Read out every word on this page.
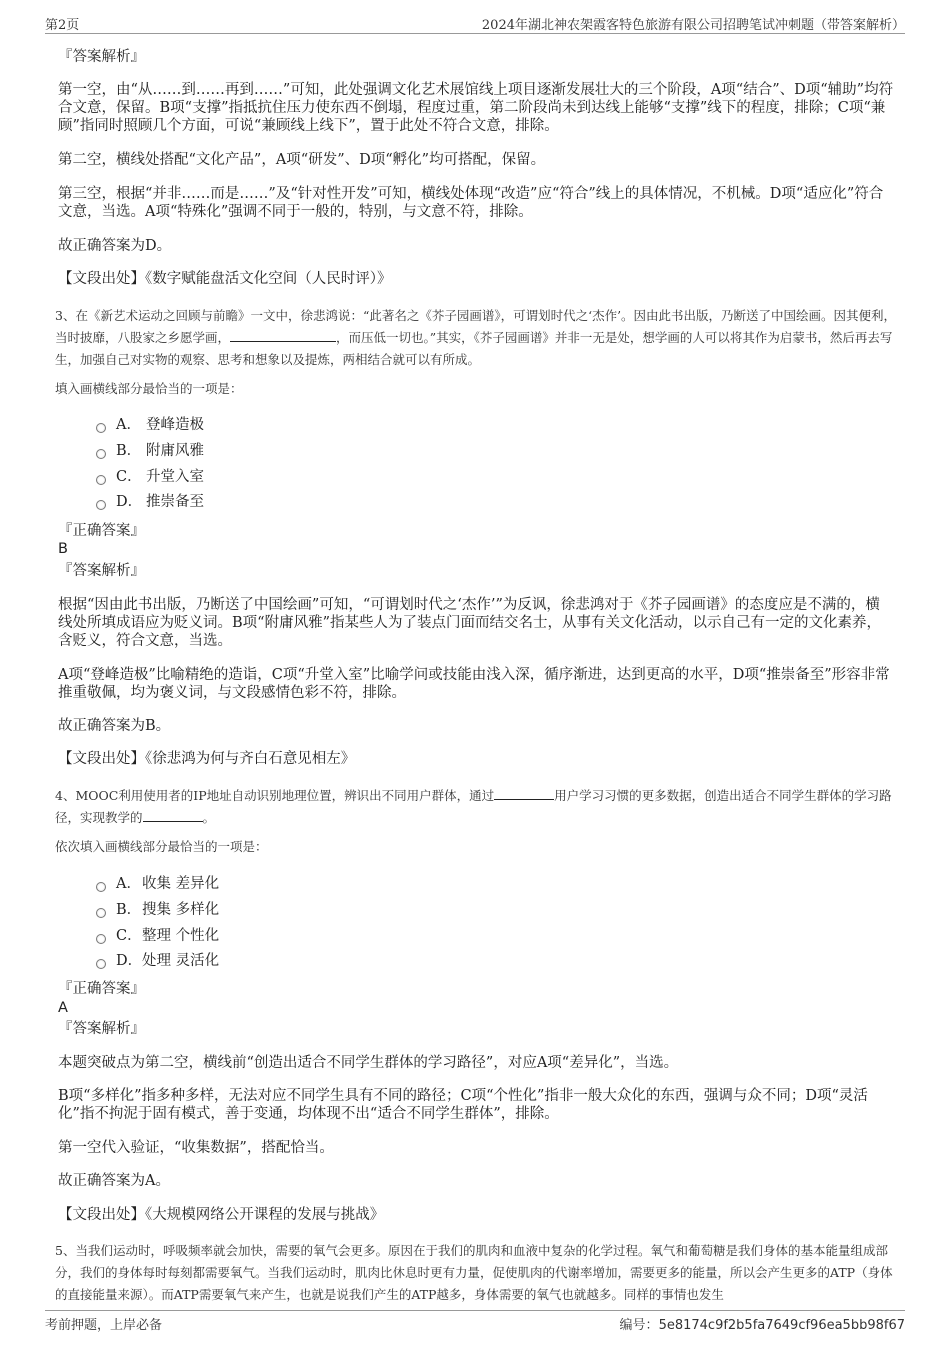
第2页	2024年湖北神农架霞客特色旅游有限公司招聘笔试冲刺题（带答案解析）
『答案解析』

第一空，由“从……到……再到……”可知，此处强调文化艺术展馆线上项目逐渐发展壮大的三个阶段，A项“结合”、D项“辅助”均符合文意，保留。B项“支撑”指抵抗住压力使东西不倒塌，程度过重，第二阶段尚未到达线上能够“支撑”线下的程度，排除；C项“兼顾”指同时照顾几个方面，可说“兼顾线上线下”，置于此处不符合文意，排除。

第二空，横线处搭配“文化产品”，A项“研发”、D项“孵化”均可搭配，保留。

第三空，根据“并非……而是……”及“针对性开发”可知，横线处体现“改造”应“符合”线上的具体情况，不机械。D项“适应化”符合文意，当选。A项“特殊化”强调不同于一般的，特别，与文意不符，排除。

故正确答案为D。

【文段出处】《数字赋能盘活文化空间（人民时评）》

3、在《新艺术运动之回顾与前瞻》一文中，徐悲鸿说：“此著名之《芥子园画谱》，可谓划时代之‘杰作’。因由此书出版，乃断送了中国绘画。因其便利，当时披靡，八股家之乡愿学画，	，而压低一切也。”其实，《芥子园画谱》并非一无是处，想学画的人可以将其作为启蒙书，然后再去写生，加强自己对实物的观察、思考和想象以及提炼，两相结合就可以有所成。

填入画横线部分最恰当的一项是：

A． 登峰造极
B． 附庸风雅
C． 升堂入室
D． 推崇备至
『正确答案』
B
『答案解析』

根据“因由此书出版，乃断送了中国绘画”可知，“可谓划时代之‘杰作’”为反讽，徐悲鸿对于《芥子园画谱》的态度应是不满的，横线处所填成语应为贬义词。B项“附庸风雅”指某些人为了装点门面而结交名士，从事有关文化活动，以示自己有一定的文化素养，含贬义，符合文意，当选。

A项“登峰造极”比喻精绝的造诣，C项“升堂入室”比喻学问或技能由浅入深，循序渐进，达到更高的水平，D项“推崇备至”形容非常推重敬佩，均为褒义词，与文段感情色彩不符，排除。

故正确答案为B。

【文段出处】《徐悲鸿为何与齐白石意见相左》

4、MOOC利用使用者的IP地址自动识别地理位置，辨识出不同用户群体，通过	用户学习习惯的更多数据，创造出适合不同学生群体的学习路径，实现教学的	。

依次填入画横线部分最恰当的一项是：

A． 收集 差异化
B． 搜集 多样化
C． 整理 个性化
D． 处理 灵活化
『正确答案』
A
『答案解析』

本题突破点为第二空，横线前“创造出适合不同学生群体的学习路径”，对应A项“差异化”，当选。

B项“多样化”指多种多样，无法对应不同学生具有不同的路径；C项“个性化”指非一般大众化的东西，强调与众不同；D项“灵活化”指不拘泥于固有模式，善于变通，均体现不出“适合不同学生群体”，排除。

第一空代入验证，“收集数据”，搭配恰当。

故正确答案为A。

【文段出处】《大规模网络公开课程的发展与挑战》

5、当我们运动时，呼吸频率就会加快，需要的氧气会更多。原因在于我们的肌肉和血液中复杂的化学过程。氧气和葡萄糖是我们身体的基本能量组成部分，我们的身体每时每刻都需要氧气。当我们运动时，肌肉比休息时更有力量，促使肌肉的代谢率增加，需要更多的能量，所以会产生更多的ATP（身体的直接能量来源）。而ATP需要氧气来产生，也就是说我们产生的ATP越多，身体需要的氧气也就越多。同样的事情也发生

考前押题，上岸必备	编号：5e8174c9f2b5fa7649cf96ea5bb98f67
